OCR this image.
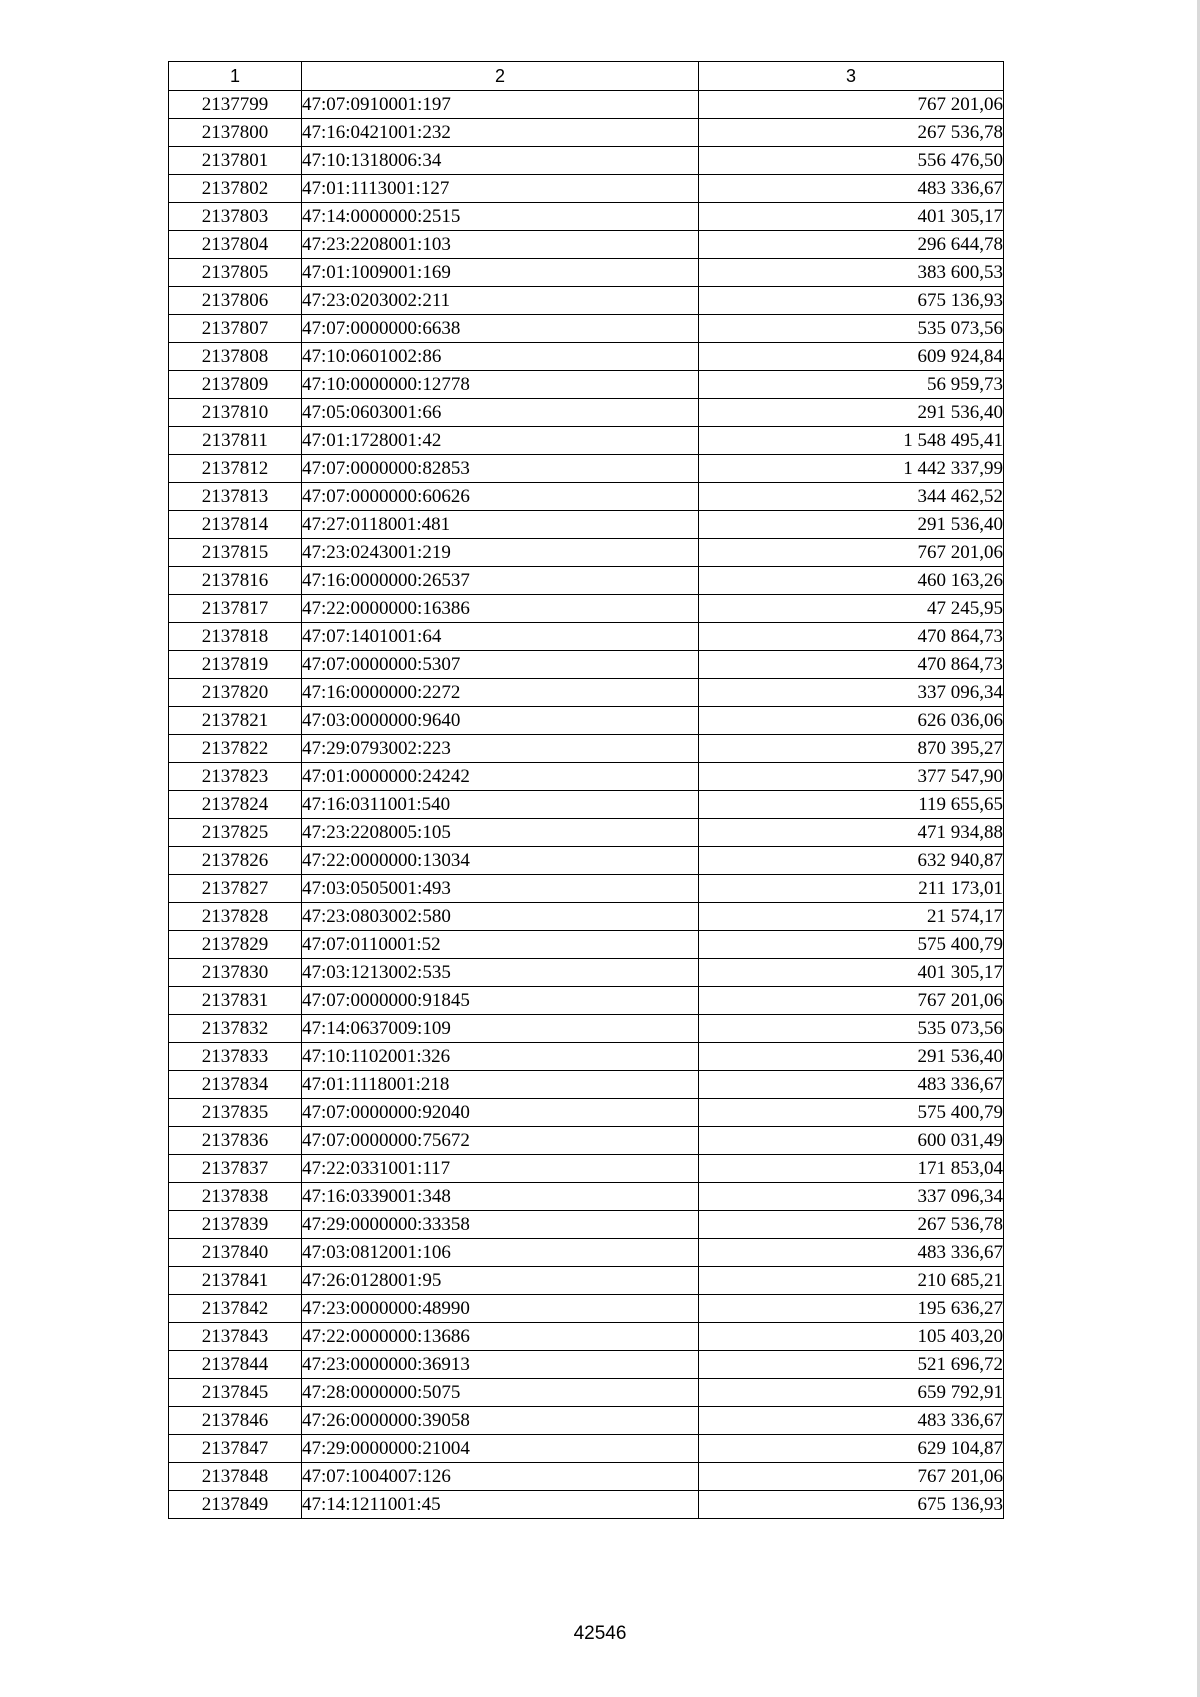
1	2	3
2137799	47:07:0910001:197	767 201,06
2137800	47:16:0421001:232	267 536,78
2137801	47:10:1318006:34	556 476,50
2137802	47:01:1113001:127	483 336,67
2137803	47:14:0000000:2515	401 305,17
2137804	47:23:2208001:103	296 644,78
2137805	47:01:1009001:169	383 600,53
2137806	47:23:0203002:211	675 136,93
2137807	47:07:0000000:6638	535 073,56
2137808	47:10:0601002:86	609 924,84
2137809	47:10:0000000:12778	56 959,73
2137810	47:05:0603001:66	291 536,40
2137811	47:01:1728001:42	1 548 495,41
2137812	47:07:0000000:82853	1 442 337,99
2137813	47:07:0000000:60626	344 462,52
2137814	47:27:0118001:481	291 536,40
2137815	47:23:0243001:219	767 201,06
2137816	47:16:0000000:26537	460 163,26
2137817	47:22:0000000:16386	47 245,95
2137818	47:07:1401001:64	470 864,73
2137819	47:07:0000000:5307	470 864,73
2137820	47:16:0000000:2272	337 096,34
2137821	47:03:0000000:9640	626 036,06
2137822	47:29:0793002:223	870 395,27
2137823	47:01:0000000:24242	377 547,90
2137824	47:16:0311001:540	119 655,65
2137825	47:23:2208005:105	471 934,88
2137826	47:22:0000000:13034	632 940,87
2137827	47:03:0505001:493	211 173,01
2137828	47:23:0803002:580	21 574,17
2137829	47:07:0110001:52	575 400,79
2137830	47:03:1213002:535	401 305,17
2137831	47:07:0000000:91845	767 201,06
2137832	47:14:0637009:109	535 073,56
2137833	47:10:1102001:326	291 536,40
2137834	47:01:1118001:218	483 336,67
2137835	47:07:0000000:92040	575 400,79
2137836	47:07:0000000:75672	600 031,49
2137837	47:22:0331001:117	171 853,04
2137838	47:16:0339001:348	337 096,34
2137839	47:29:0000000:33358	267 536,78
2137840	47:03:0812001:106	483 336,67
2137841	47:26:0128001:95	210 685,21
2137842	47:23:0000000:48990	195 636,27
2137843	47:22:0000000:13686	105 403,20
2137844	47:23:0000000:36913	521 696,72
2137845	47:28:0000000:5075	659 792,91
2137846	47:26:0000000:39058	483 336,67
2137847	47:29:0000000:21004	629 104,87
2137848	47:07:1004007:126	767 201,06
2137849	47:14:1211001:45	675 136,93
42546
